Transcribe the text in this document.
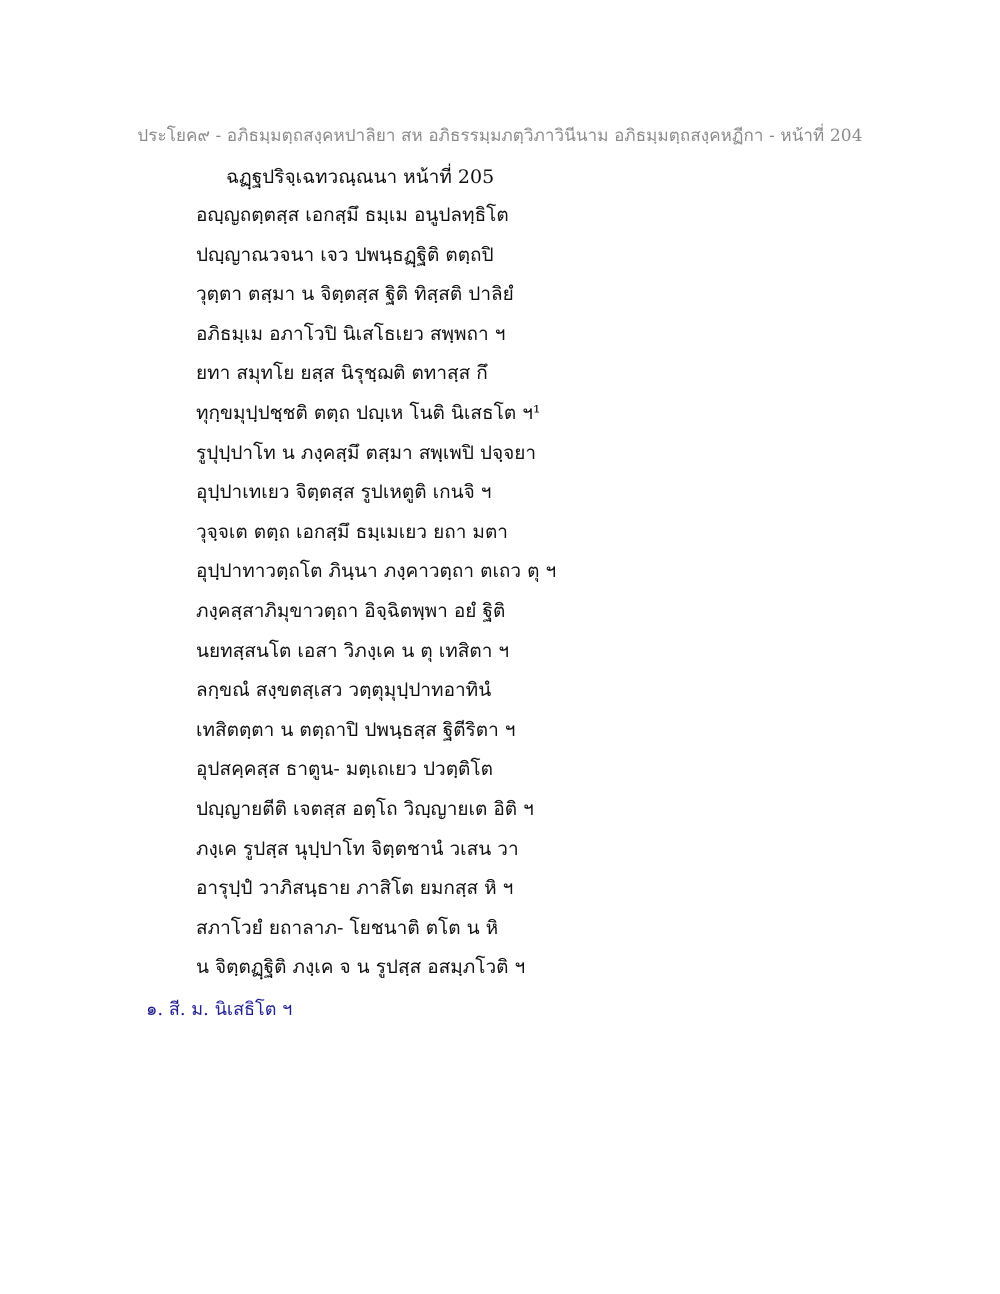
ประโยค๙ - อภิธมฺมตฺถสงฺคหปาลิยา สห อภิธรรมฺมภตฺวิภาวินีนาม อภิธมฺมตฺถสงฺคหฏีกา - หน้าที่ 204
ฉฏฺฐปริจฺเฉทวณฺณนา หน้าที่ 205
อญฺญถตฺตสฺส เอกสฺมึ ธมฺเม อนูปลทฺธิโต
ปญฺญาณวจนา เจว ปพนฺธฏฺฐิติ ตตฺถปิ
วุตฺตา ตสฺมา น จิตฺตสฺส ฐิติ ทิสฺสติ ปาลิยํ
อภิธมฺเม อภาโวปิ นิเสโธเยว สพฺพถา ฯ
ยทา สมุทโย ยสฺส นิรุชฺฌติ ตทาสฺส กึ
ทุกฺขมุปฺปชฺชติ ตตฺถ ปญฺเห โนติ นิเสธโต ฯ¹
รูปุปฺปาโท น ภงฺคสฺมึ ตสฺมา สพฺเพปิ ปจฺจยา
อุปฺปาเทเยว จิตฺตสฺส รูปเหตูติ เกนจิ ฯ
วุจฺจเต ตตฺถ เอกสฺมึ ธมฺเมเยว ยถา มตา
อุปฺปาทาวตฺถโต ภินฺนา ภงฺคาวตฺถา ตเถว ตุ ฯ
ภงฺคสฺสาภิมุขาวตฺถา อิจฺฉิตพฺพา อยํ ฐิติ
นยทสฺสนโต เอสา วิภงฺเค น ตุ เทสิตา ฯ
ลกฺขณํ สงฺขตสฺเสว วตฺตุมุปฺปาทอาทินํ
เทสิตตฺตา น ตตฺถาปิ ปพนฺธสฺส ฐิตีริตา ฯ
อุปสคฺคสฺส ธาตูน- มตฺเถเยว ปวตฺติโต
ปญฺญายตีติ เจตสฺส อตฺโถ วิญฺญายเต อิติ ฯ
ภงฺเค รูปสฺส นุปฺปาโท จิตฺตชานํ วเสน วา
อารุปฺปํ วาภิสนฺธาย ภาสิโต ยมกสฺส หิ ฯ
สภาโวยํ ยถาลาภ- โยชนาติ ตโต น หิ
น จิตฺตฏฺฐิติ ภงฺเค จ น รูปสฺส อสมฺภโวติ ฯ
๑. สี. ม. นิเสธิโต ฯ
